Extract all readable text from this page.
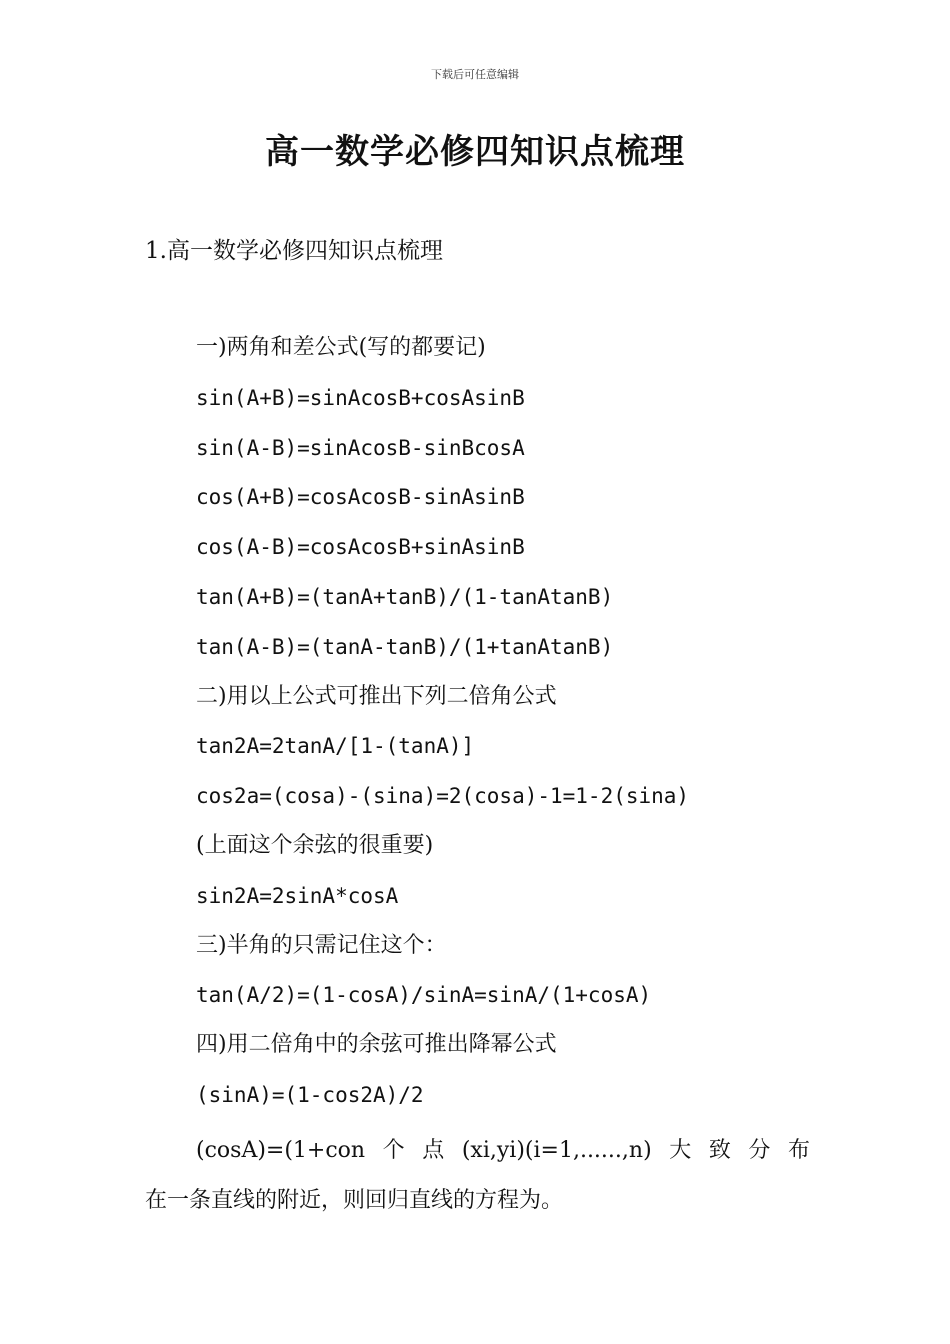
下载后可任意编辑
高一数学必修四知识点梳理
1.高一数学必修四知识点梳理
一)两角和差公式(写的都要记)
sin(A+B)=sinAcosB+cosAsinB
sin(A-B)=sinAcosB-sinBcosA
cos(A+B)=cosAcosB-sinAsinB
cos(A-B)=cosAcosB+sinAsinB
tan(A+B)=(tanA+tanB)/(1-tanAtanB)
tan(A-B)=(tanA-tanB)/(1+tanAtanB)
二)用以上公式可推出下列二倍角公式
tan2A=2tanA/[1-(tanA)]
cos2a=(cosa)-(sina)=2(cosa)-1=1-2(sina)
(上面这个余弦的很重要)
sin2A=2sinA*cosA
三)半角的只需记住这个：
tan(A/2)=(1-cosA)/sinA=sinA/(1+cosA)
四)用二倍角中的余弦可推出降幂公式
(sinA)=(1-cos2A)/2
(cosA)=(1+con个点(xi,yi)(i=1,......,n)大致分布
在一条直线的附近，则回归直线的方程为。
